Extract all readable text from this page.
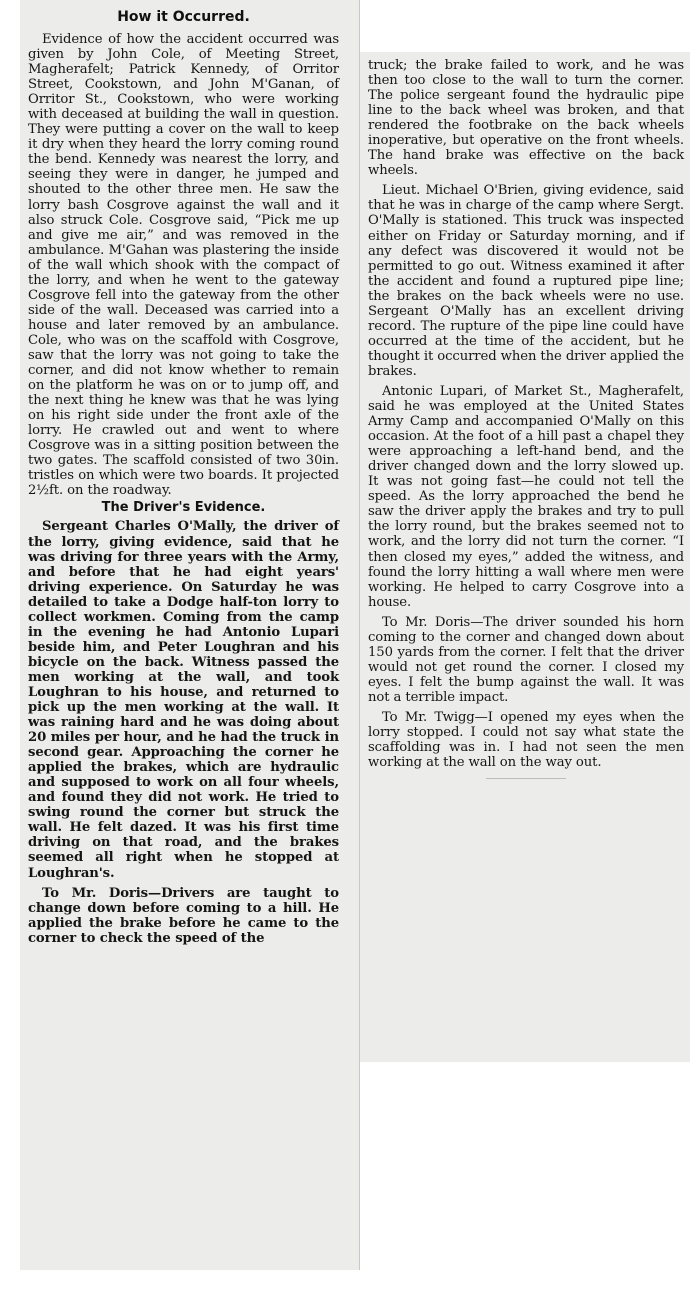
How it Occurred.

Evidence of how the accident occurred was given by John Cole, of Meeting Street, Magherafelt; Patrick Kennedy, of Orritor Street, Cookstown, and John M'Ganan, of Orritor St., Cookstown, who were working with deceased at building the wall in question. They were putting a cover on the wall to keep it dry when they heard the lorry coming round the bend. Kennedy was nearest the lorry, and seeing they were in danger, he jumped and shouted to the other three men. He saw the lorry bash Cosgrove against the wall and it also struck Cole. Cosgrove said, “Pick me up and give me air,” and was removed in the ambulance. M'Gahan was plastering the inside of the wall which shook with the compact of the lorry, and when he went to the gateway Cosgrove fell into the gateway from the other side of the wall. Deceased was carried into a house and later removed by an ambulance. Cole, who was on the scaffold with Cosgrove, saw that the lorry was not going to take the corner, and did not know whether to remain on the platform he was on or to jump off, and the next thing he knew was that he was lying on his right side under the front axle of the lorry. He crawled out and went to where Cosgrove was in a sitting position between the two gates. The scaffold consisted of two 30in. tristles on which were two boards. It projected 2½ft. on the roadway.

The Driver's Evidence.

Sergeant Charles O'Mally, the driver of the lorry, giving evidence, said that he was driving for three years with the Army, and before that he had eight years' driving experience. On Saturday he was detailed to take a Dodge half-ton lorry to collect workmen. Coming from the camp in the evening he had Antonio Lupari beside him, and Peter Loughran and his bicycle on the back. Witness passed the men working at the wall, and took Loughran to his house, and returned to pick up the men working at the wall. It was raining hard and he was doing about 20 miles per hour, and he had the truck in second gear. Approaching the corner he applied the brakes, which are hydraulic and supposed to work on all four wheels, and found they did not work. He tried to swing round the corner but struck the wall. He felt dazed. It was his first time driving on that road, and the brakes seemed all right when he stopped at Loughran's.

To Mr. Doris—Drivers are taught to change down before coming to a hill. He applied the brake before he came to the corner to check the speed of the

truck; the brake failed to work, and he was then too close to the wall to turn the corner. The police sergeant found the hydraulic pipe line to the back wheel was broken, and that rendered the footbrake on the back wheels inoperative, but operative on the front wheels. The hand brake was effective on the back wheels.

Lieut. Michael O'Brien, giving evidence, said that he was in charge of the camp where Sergt. O'Mally is stationed. This truck was inspected either on Friday or Saturday morning, and if any defect was discovered it would not be permitted to go out. Witness examined it after the accident and found a ruptured pipe line; the brakes on the back wheels were no use. Sergeant O'Mally has an excellent driving record. The rupture of the pipe line could have occurred at the time of the accident, but he thought it occurred when the driver applied the brakes.

Antonic Lupari, of Market St., Magherafelt, said he was employed at the United States Army Camp and accompanied O'Mally on this occasion. At the foot of a hill past a chapel they were approaching a left-hand bend, and the driver changed down and the lorry slowed up. It was not going fast—he could not tell the speed. As the lorry approached the bend he saw the driver apply the brakes and try to pull the lorry round, but the brakes seemed not to work, and the lorry did not turn the corner. “I then closed my eyes,” added the witness, and found the lorry hitting a wall where men were working. He helped to carry Cosgrove into a house.

To Mr. Doris—The driver sounded his horn coming to the corner and changed down about 150 yards from the corner. I felt that the driver would not get round the corner. I closed my eyes. I felt the bump against the wall. It was not a terrible impact.

To Mr. Twigg—I opened my eyes when the lorry stopped. I could not say what state the scaffolding was in. I had not seen the men working at the wall on the way out.
